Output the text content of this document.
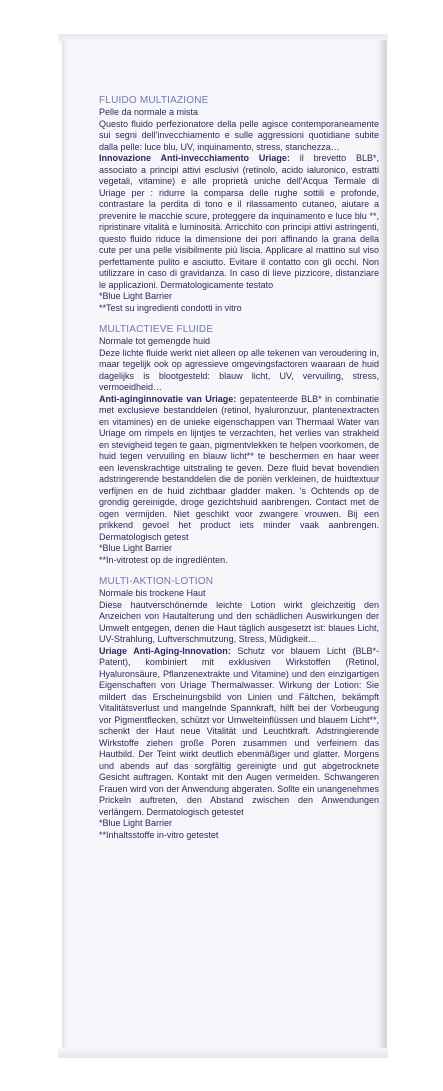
FLUIDO MULTIAZIONE

Pelle da normale a mista

Questo fluido perfezionatore della pelle agisce contemporaneamente sui segni dell'invecchiamento e sulle aggressioni quotidiane subite dalla pelle: luce blu, UV, inquinamento, stress, stanchezza…

Innovazione Anti-invecchiamento Uriage: il brevetto BLB*, associato a principi attivi esclusivi (retinolo, acido ialuronico, estratti vegetali, vitamine) e alle proprietà uniche dell'Acqua Termale di Uriage per : ridurre la comparsa delle rughe sottili e profonde, contrastare la perdita di tono e il rilassamento cutaneo, aiutare a prevenire le macchie scure, proteggere da inquinamento e luce blu **, ripristinare vitalità e luminosità. Arricchito con principi attivi astringenti, questo fluido riduce la dimensione dei pori affinando la grana della cute per una pelle visibilmente più liscia. Applicare al mattino sul viso perfettamente pulito e asciutto. Evitare il contatto con gli occhi. Non utilizzare in caso di gravidanza. In caso di lieve pizzicore, distanziare le applicazioni. Dermatologicamente testato

*Blue Light Barrier

**Test su ingredienti condotti in vitro

MULTIACTIEVE FLUIDE

Normale tot gemengde huid

Deze lichte fluide werkt niet alleen op alle tekenen van veroudering in, maar tegelijk ook op agressieve omgevingsfactoren waaraan de huid dagelijks is blootgesteld: blauw licht, UV, vervuiling, stress, vermoeidheid…

Anti-aginginnovatie van Uriage: gepatenteerde BLB* in combinatie met exclusieve bestanddelen (retinol, hyaluronzuur, plantenextracten en vitamines) en de unieke eigenschappen van Thermaal Water van Uriage om rimpels en lijntjes te verzachten, het verlies van strakheid en stevigheid tegen te gaan, pigmentvlekken te helpen voorkomen, de huid tegen vervuiling en blauw licht** te beschermen en haar weer een levenskrachtige uitstraling te geven. Deze fluid bevat bovendien adstringerende bestanddelen die de poriën verkleinen, de huidtextuur verfijnen en de huid zichtbaar gladder maken. 's Ochtends op de grondig gereinigde, droge gezichtshuid aanbrengen. Contact met de ogen vermijden. Niet geschikt voor zwangere vrouwen. Bij een prikkend gevoel het product iets minder vaak aanbrengen. Dermatologisch getest

*Blue Light Barrier

**In-vitrotest op de ingrediënten.

MULTI-AKTION-LOTION

Normale bis trockene Haut

Diese hautverschönernde leichte Lotion wirkt gleichzeitig den Anzeichen von Hautalterung und den schädlichen Auswirkungen der Umwelt entgegen, denen die Haut täglich ausgesetzt ist: blaues Licht, UV-Strahlung, Luftverschmutzung, Stress, Müdigkeit…

Uriage Anti-Aging-Innovation: Schutz vor blauem Licht (BLB*-Patent), kombiniert mit exklusiven Wirkstoffen (Retinol, Hyaluronsäure, Pflanzenextrakte und Vitamine) und den einzigartigen Eigenschaften von Uriage Thermalwasser. Wirkung der Lotion: Sie mildert das Erscheinungsbild von Linien und Fältchen, bekämpft Vitalitätsverlust und mangelnde Spannkraft, hilft bei der Vorbeugung vor Pigmentflecken, schützt vor Umwelteinflüssen und blauem Licht**, schenkt der Haut neue Vitalität und Leuchtkraft. Adstringierende Wirkstoffe ziehen große Poren zusammen und verfeinern das Hautbild. Der Teint wirkt deutlich ebenmäßiger und glatter. Morgens und abends auf das sorgfältig gereinigte und gut abgetrocknete Gesicht auftragen. Kontakt mit den Augen vermeiden. Schwangeren Frauen wird von der Anwendung abgeraten. Sollte ein unangenehmes Prickeln auftreten, den Abstand zwischen den Anwendungen verlängern. Dermatologisch getestet

*Blue Light Barrier

**Inhaltsstoffe in-vitro getestet
